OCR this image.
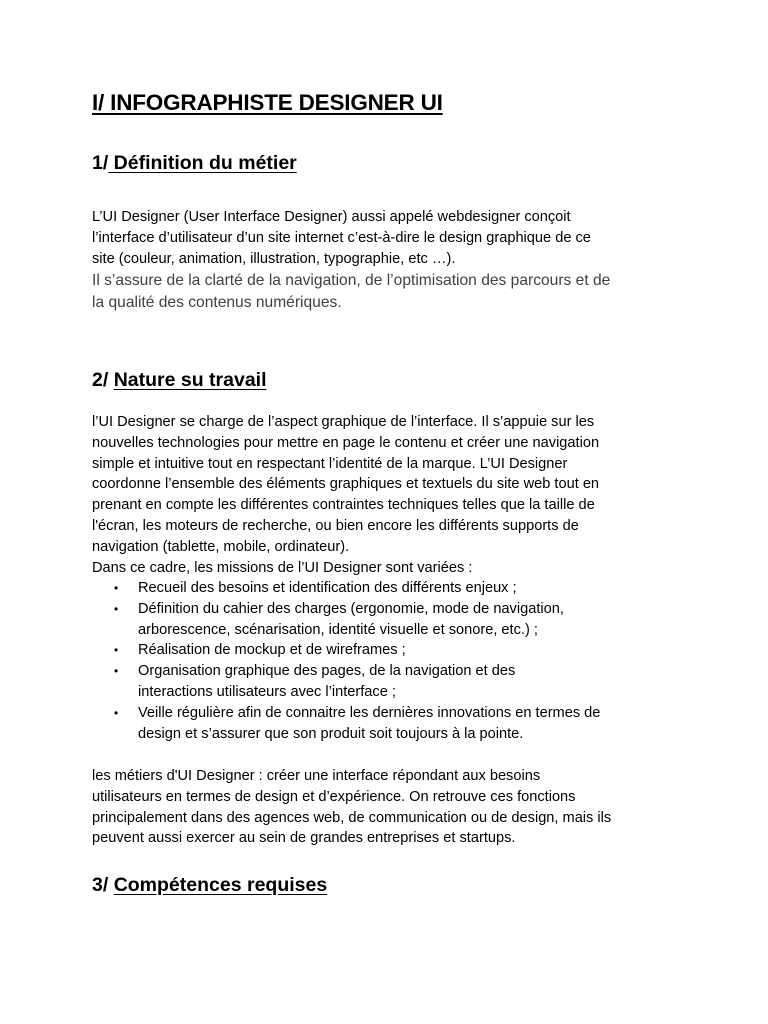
I/ INFOGRAPHISTE DESIGNER UI
1/ Définition du métier
L’UI Designer (User Interface Designer) aussi appelé webdesigner conçoit
l’interface d’utilisateur d’un site internet c’est-à-dire le design graphique de ce
site (couleur, animation, illustration, typographie, etc …).
Il s’assure de la clarté de la navigation, de l’optimisation des parcours et de
la qualité des contenus numériques.
2/ Nature su travail
l’UI Designer se charge de l’aspect graphique de l’interface. Il s’appuie sur les
nouvelles technologies pour mettre en page le contenu et créer une navigation
simple et intuitive tout en respectant l’identité de la marque. L’UI Designer
coordonne l’ensemble des éléments graphiques et textuels du site web tout en
prenant en compte les différentes contraintes techniques telles que la taille de
l'écran, les moteurs de recherche, ou bien encore les différents supports de
navigation (tablette, mobile, ordinateur).
Dans ce cadre, les missions de l’UI Designer sont variées :
• Recueil des besoins et identification des différents enjeux ;
• Définition du cahier des charges (ergonomie, mode de navigation,
arborescence, scénarisation, identité visuelle et sonore, etc.) ;
• Réalisation de mockup et de wireframes ;
• Organisation graphique des pages, de la navigation et des
interactions utilisateurs avec l’interface ;
• Veille régulière afin de connaitre les dernières innovations en termes de
design et s’assurer que son produit soit toujours à la pointe.
les métiers d'UI Designer : créer une interface répondant aux besoins
utilisateurs en termes de design et d’expérience. On retrouve ces fonctions
principalement dans des agences web, de communication ou de design, mais ils
peuvent aussi exercer au sein de grandes entreprises et startups.
3/ Compétences requises
